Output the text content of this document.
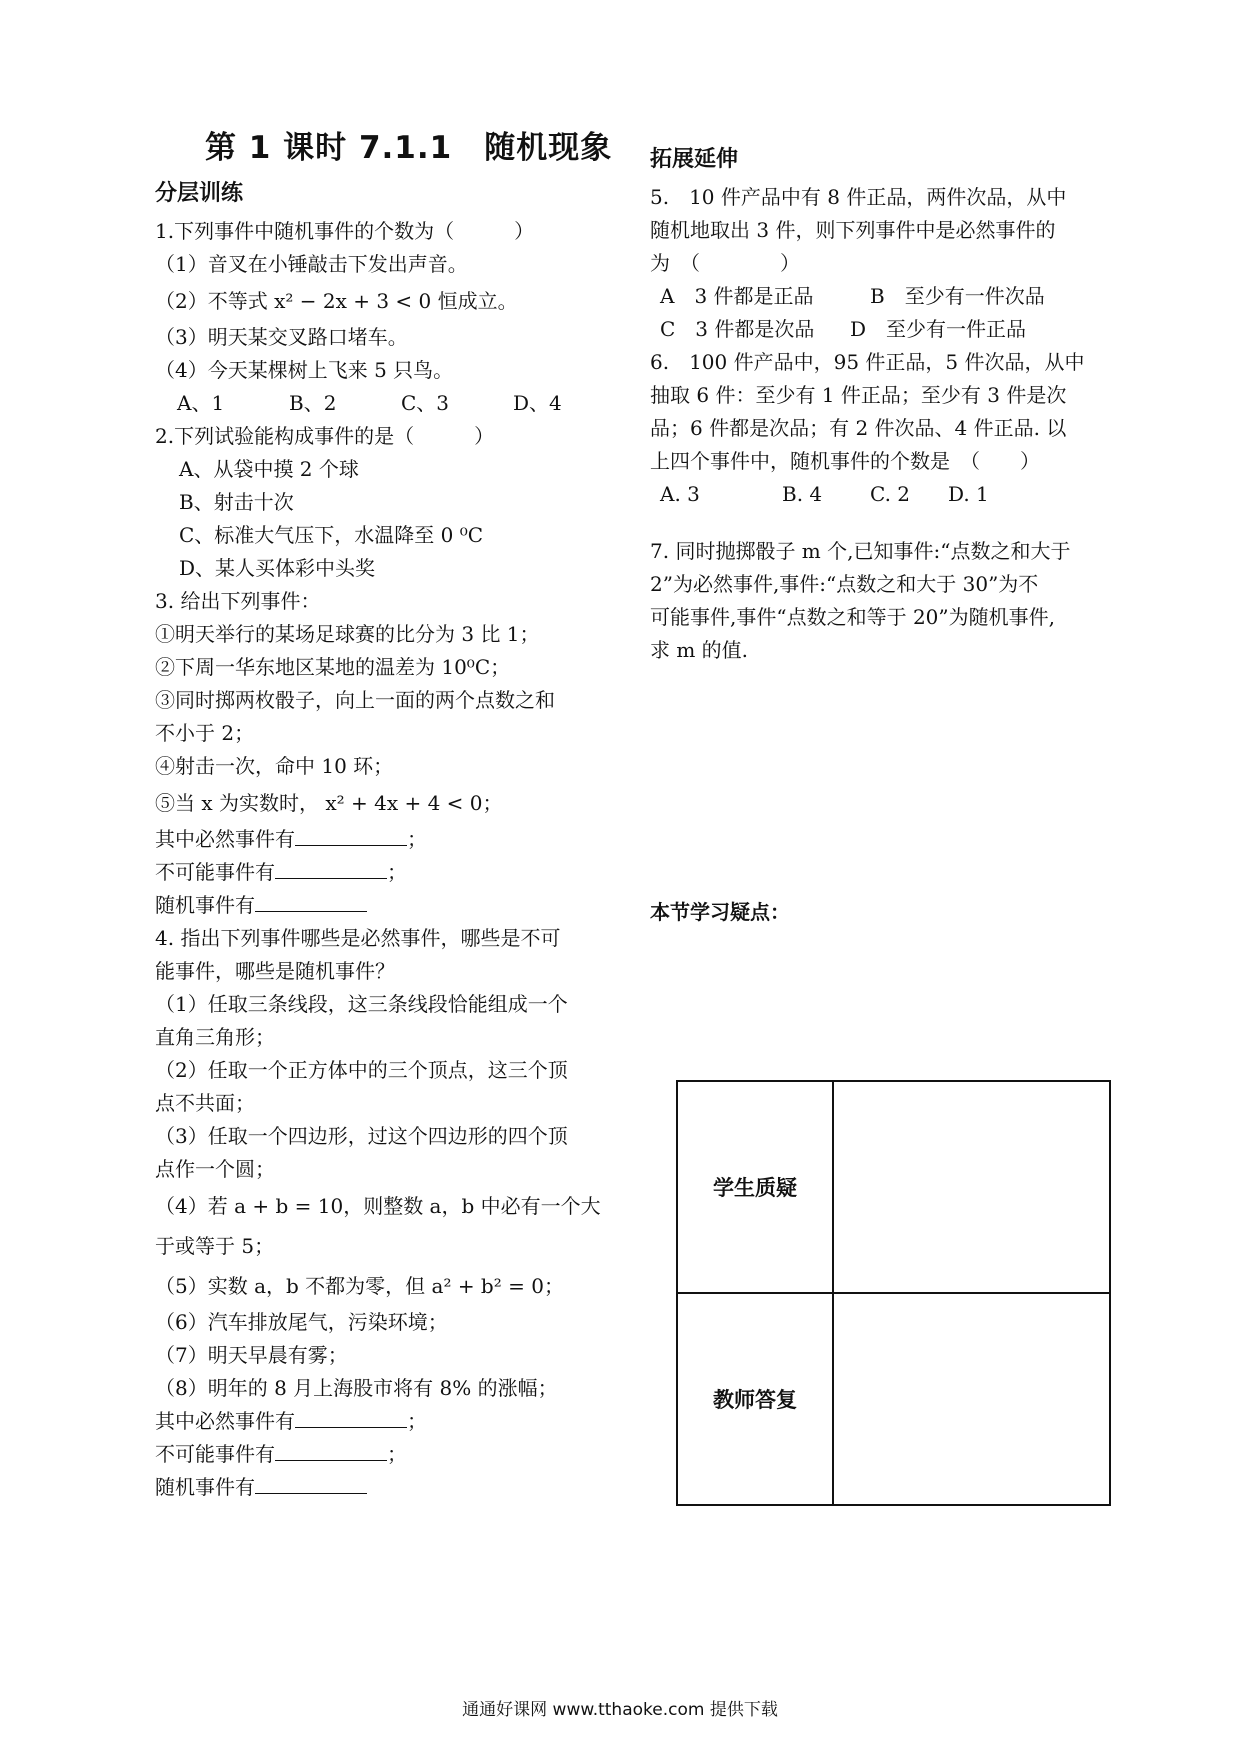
第 1 课时 7.1.1　随机现象
分层训练
1.下列事件中随机事件的个数为（　　　）
（1）音叉在小锤敲击下发出声音。
（2）不等式 x² − 2x + 3 < 0 恒成立。
（3）明天某交叉路口堵车。
（4）今天某棵树上飞来 5 只鸟。
A、1	B、2	C、3	D、4
2.下列试验能构成事件的是（　　　）
A、从袋中摸 2 个球
B、射击十次
C、标准大气压下，水温降至 0 ⁰C
D、某人买体彩中头奖
3. 给出下列事件：
①明天举行的某场足球赛的比分为 3 比 1；
②下周一华东地区某地的温差为 10⁰C；
③同时掷两枚骰子，向上一面的两个点数之和
不小于 2；
④射击一次，命中 10 环；
⑤当 x 为实数时， x² + 4x + 4 < 0；
其中必然事件有	；
不可能事件有	；
随机事件有
4. 指出下列事件哪些是必然事件，哪些是不可
能事件，哪些是随机事件？
（1）任取三条线段，这三条线段恰能组成一个
直角三角形；
（2）任取一个正方体中的三个顶点，这三个顶
点不共面；
（3）任取一个四边形，过这个四边形的四个顶
点作一个圆；
（4）若 a + b = 10，则整数 a，b 中必有一个大
于或等于 5；
（5）实数 a，b 不都为零，但 a² + b² = 0；
（6）汽车排放尾气，污染环境；
（7）明天早晨有雾；
（8）明年的 8 月上海股市将有 8% 的涨幅；
其中必然事件有	；
不可能事件有	；
随机事件有
拓展延伸
5.　10 件产品中有 8 件正品，两件次品，从中
随机地取出 3 件，则下列事件中是必然事件的
为　（　　　　）
A　3 件都是正品	B　至少有一件次品
C　3 件都是次品	D　至少有一件正品
6.　100 件产品中，95 件正品，5 件次品，从中
抽取 6 件：至少有 1 件正品；至少有 3 件是次
品；6 件都是次品；有 2 件次品、4 件正品. 以
上四个事件中，随机事件的个数是　（　　）
A. 3	B. 4	C. 2	D. 1
7. 同时抛掷骰子 m 个,已知事件:“点数之和大于
2”为必然事件,事件:“点数之和大于 30”为不
可能事件,事件“点数之和等于 20”为随机事件,
求 m 的值.
本节学习疑点：
学生质疑	
教师答复	
通通好课网 www.tthaoke.com 提供下载
